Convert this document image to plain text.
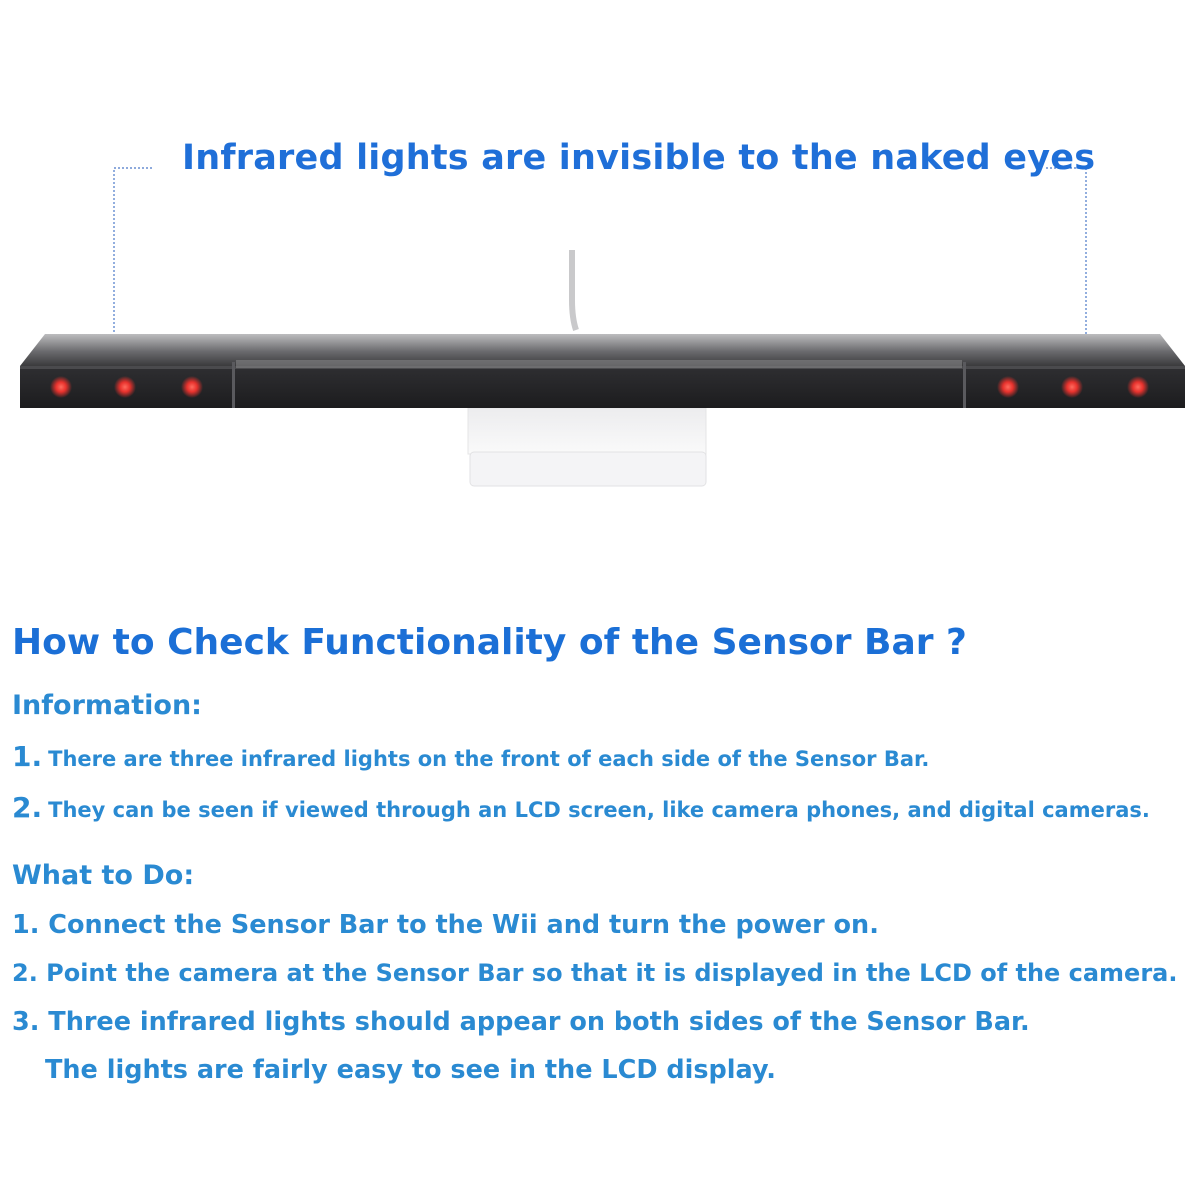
Infrared lights are invisible to the naked eyes
How to Check Functionality of the Sensor Bar ?
Information:
1. There are three infrared lights on the front of each side of the Sensor Bar.
2. They can be seen if viewed through an LCD screen, like camera phones, and digital cameras.
What to Do:
1. Connect the Sensor Bar to the Wii and turn the power on.
2. Point the camera at the Sensor Bar so that it is displayed in the LCD of the camera.
3. Three infrared lights should appear on both sides of the Sensor Bar.
The lights are fairly easy to see in the LCD display.
